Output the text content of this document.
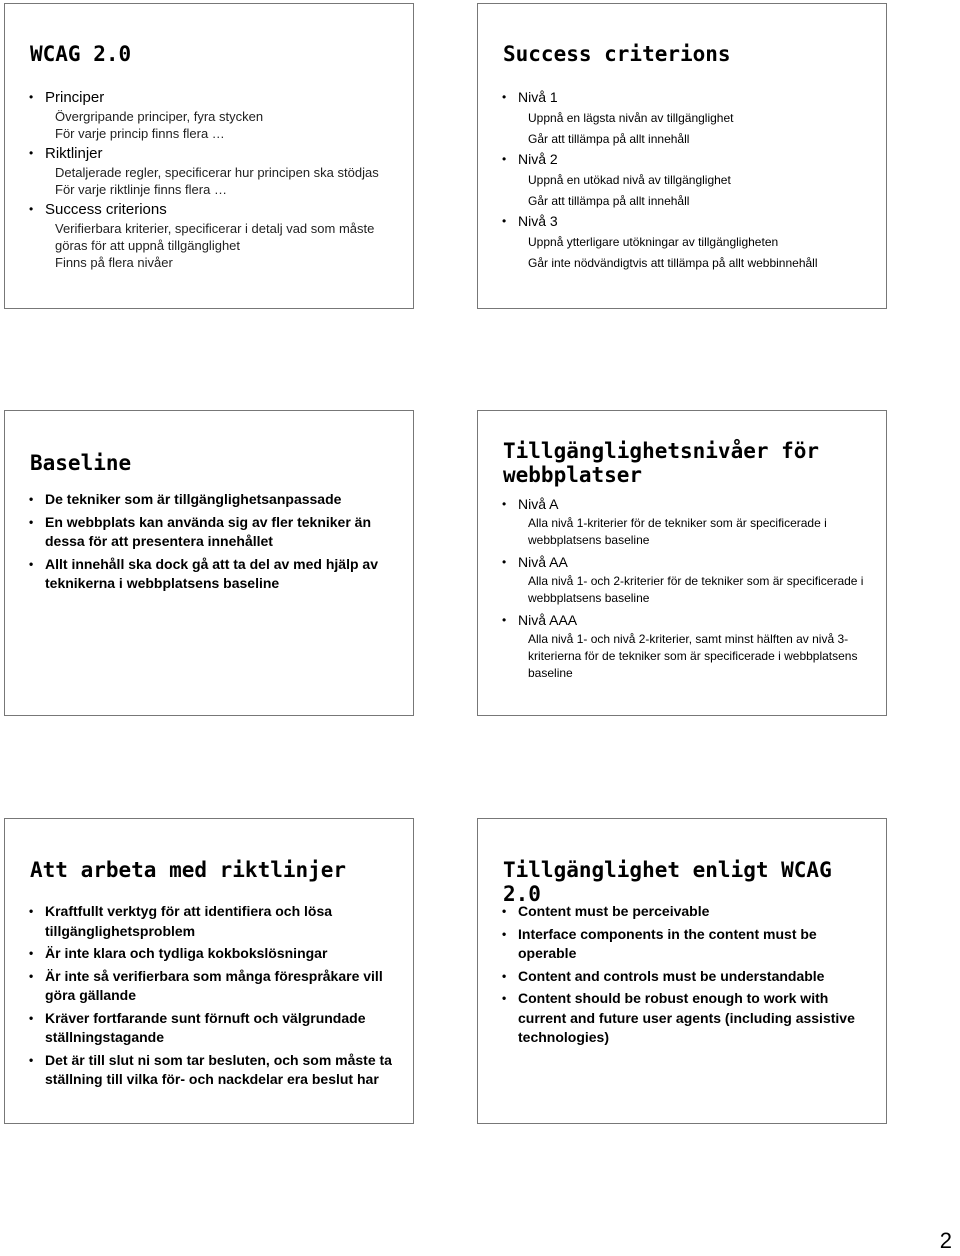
WCAG 2.0
• Principer
Övergripande principer, fyra stycken
För varje princip finns flera …
• Riktlinjer
Detaljerade regler, specificerar hur principen ska stödjas
För varje riktlinje finns flera …
• Success criterions
Verifierbara kriterier, specificerar i detalj vad som måste göras för att uppnå tillgänglighet
Finns på flera nivåer
Success criterions
• Nivå 1
Uppnå en lägsta nivån av tillgänglighet
Går att tillämpa på allt innehåll
• Nivå 2
Uppnå en utökad nivå av tillgänglighet
Går att tillämpa på allt innehåll
• Nivå 3
Uppnå ytterligare utökningar av tillgängligheten
Går inte nödvändigtvis att tillämpa på allt webbinnehåll
Baseline
• De tekniker som är tillgänglighetsanpassade
• En webbplats kan använda sig av fler tekniker än dessa för att presentera innehållet
• Allt innehåll ska dock gå att ta del av med hjälp av teknikerna i webbplatsens baseline
Tillgänglighetsnivåer för webbplatser
• Nivå A
Alla nivå 1-kriterier för de tekniker som är specificerade i webbplatsens baseline
• Nivå AA
Alla nivå 1- och 2-kriterier för de tekniker som är specificerade i webbplatsens baseline
• Nivå AAA
Alla nivå 1- och nivå 2-kriterier, samt minst hälften av nivå 3-kriterierna för de tekniker som är specificerade i webbplatsens baseline
Att arbeta med riktlinjer
• Kraftfullt verktyg för att identifiera och lösa tillgänglighetsproblem
• Är inte klara och tydliga kokbokslösningar
• Är inte så verifierbara som många förespråkare vill göra gällande
• Kräver fortfarande sunt förnuft och välgrundade ställningstagande
• Det är till slut ni som tar besluten, och som måste ta ställning till vilka för- och nackdelar era beslut har
Tillgänglighet enligt WCAG 2.0
• Content must be perceivable
• Interface components in the content must be operable
• Content and controls must be understandable
• Content should be robust enough to work with current and future user agents (including assistive technologies)
2
